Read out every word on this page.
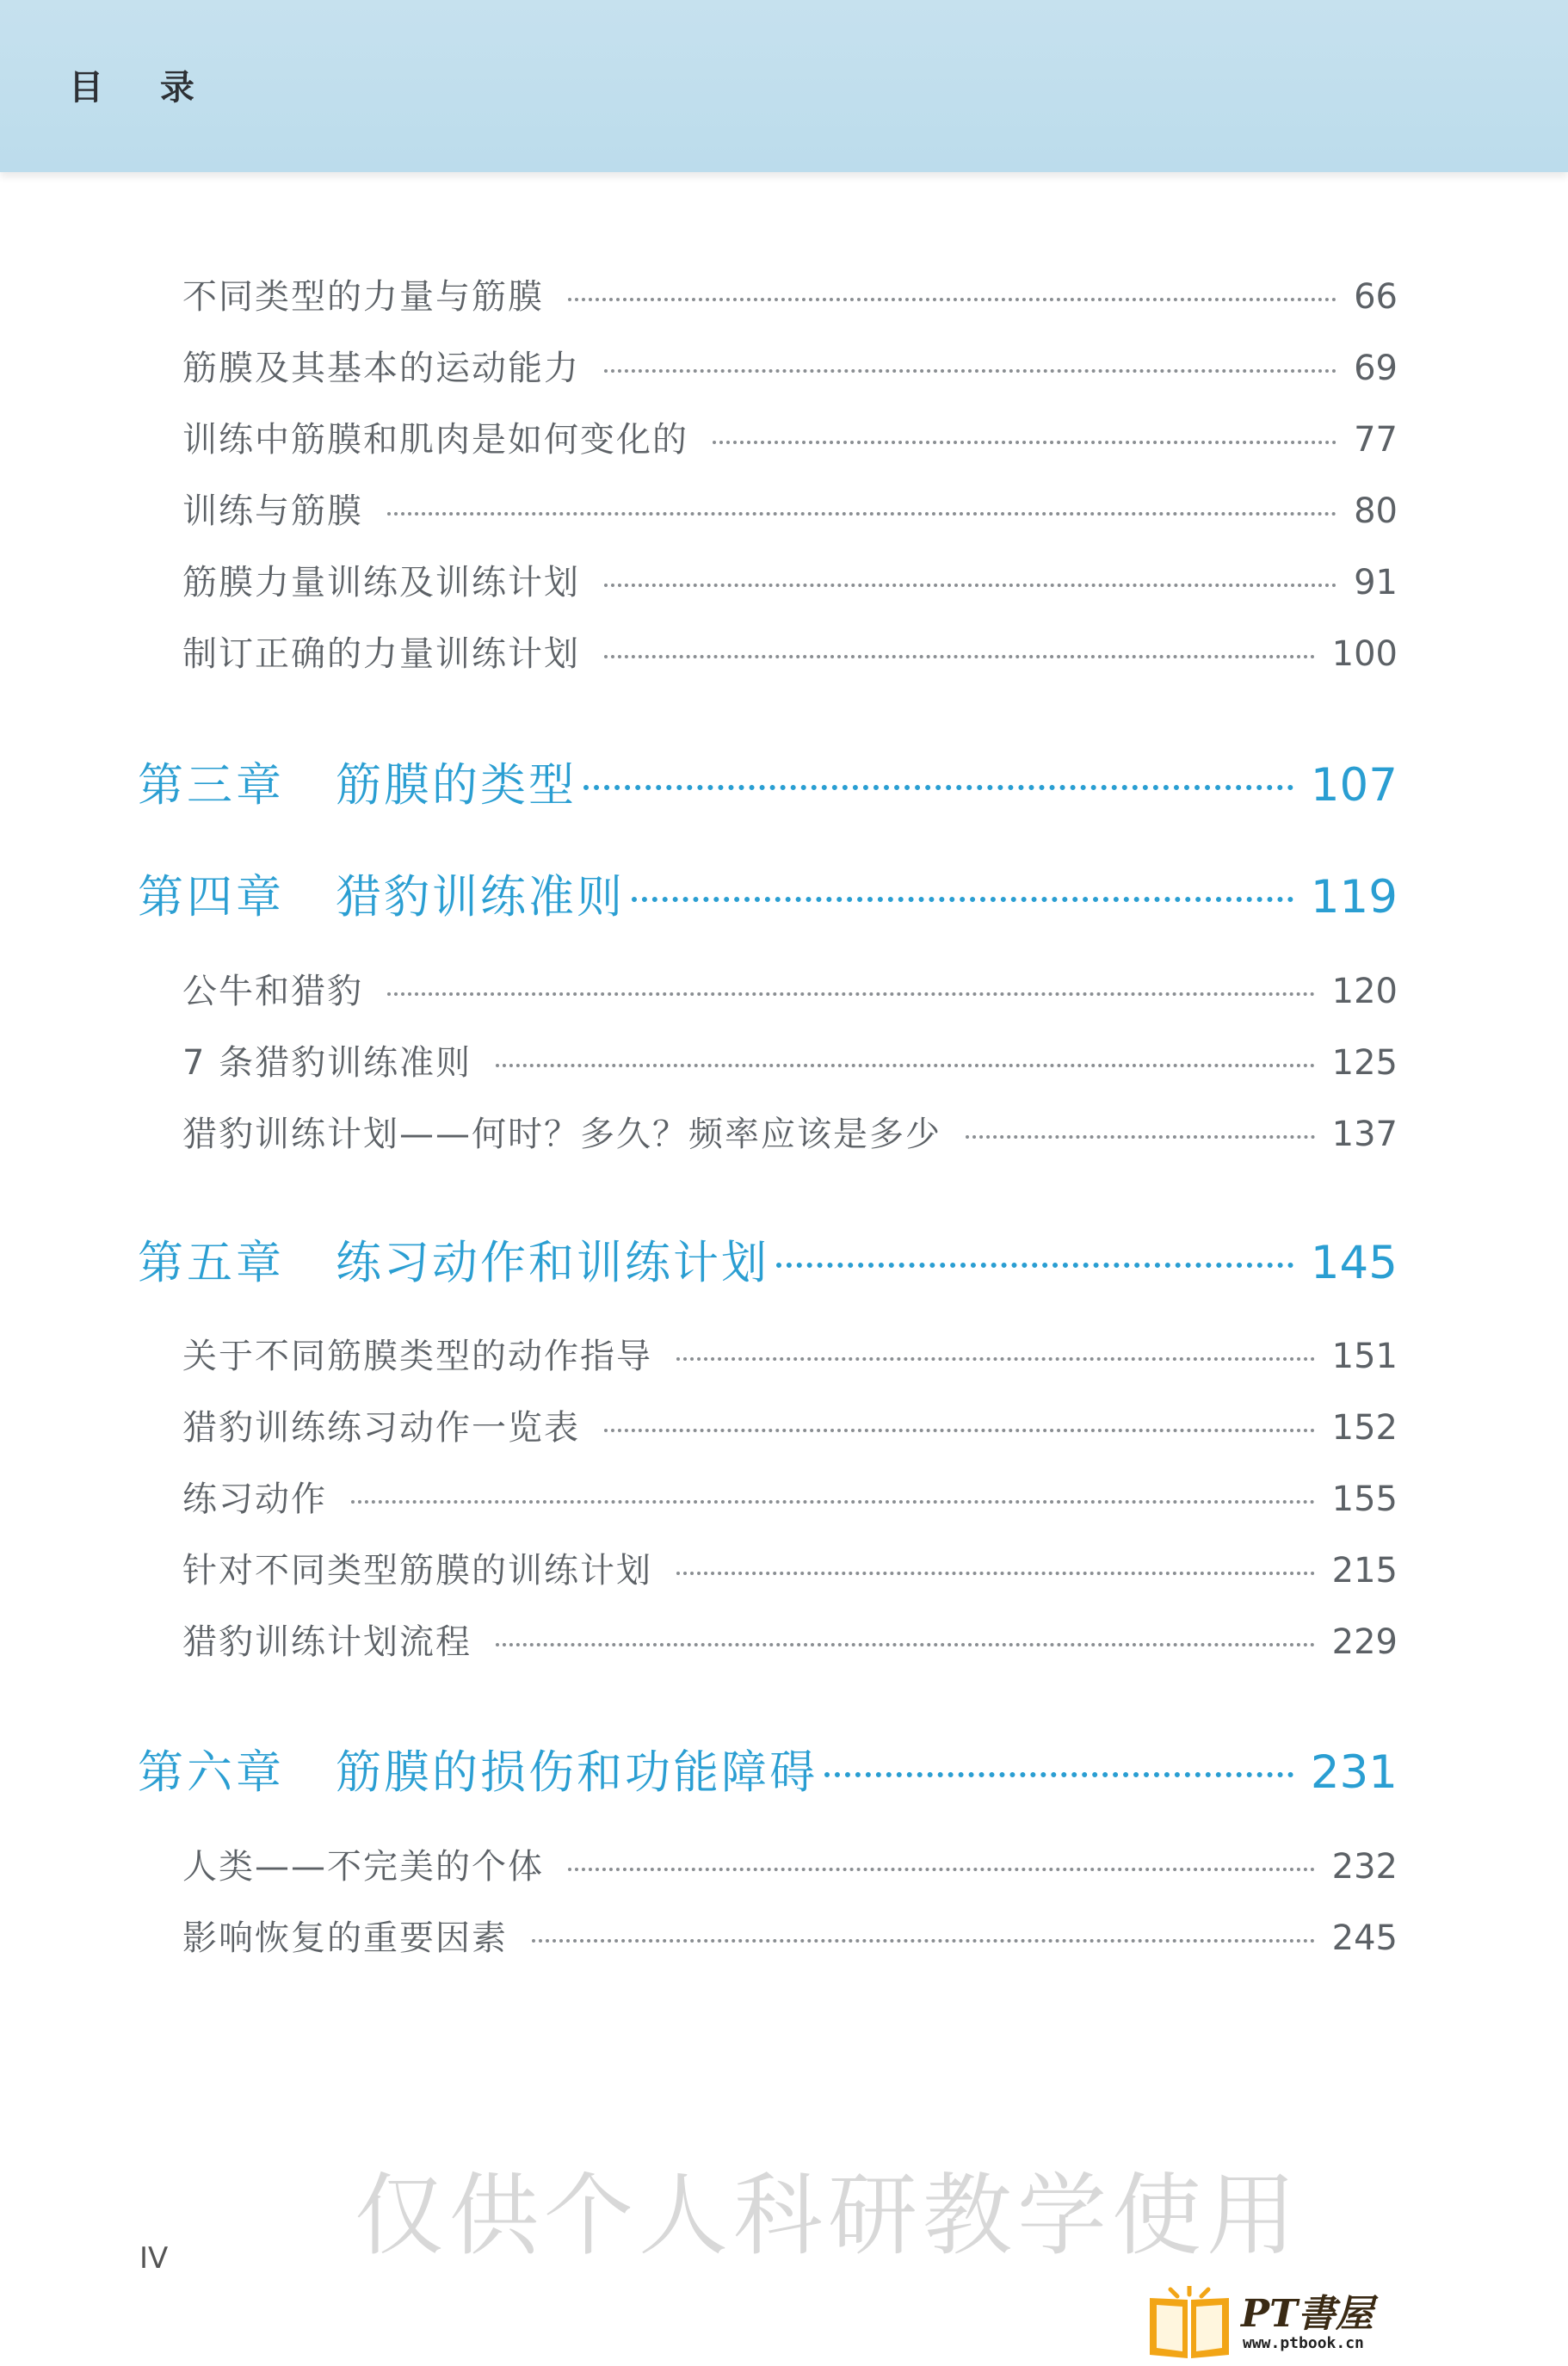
目 录
不同类型的力量与筋膜	66
筋膜及其基本的运动能力	69
训练中筋膜和肌肉是如何变化的	77
训练与筋膜	80
筋膜力量训练及训练计划	91
制订正确的力量训练计划	100
第三章	筋膜的类型	107
第四章	猎豹训练准则	119
公牛和猎豹	120
7 条猎豹训练准则	125
猎豹训练计划——何时？多久？频率应该是多少	137
第五章	练习动作和训练计划	145
关于不同筋膜类型的动作指导	151
猎豹训练练习动作一览表	152
练习动作	155
针对不同类型筋膜的训练计划	215
猎豹训练计划流程	229
第六章	筋膜的损伤和功能障碍	231
人类——不完美的个体	232
影响恢复的重要因素	245
仅供个人科研教学使用
IV
PT書屋
www.ptbook.cn
